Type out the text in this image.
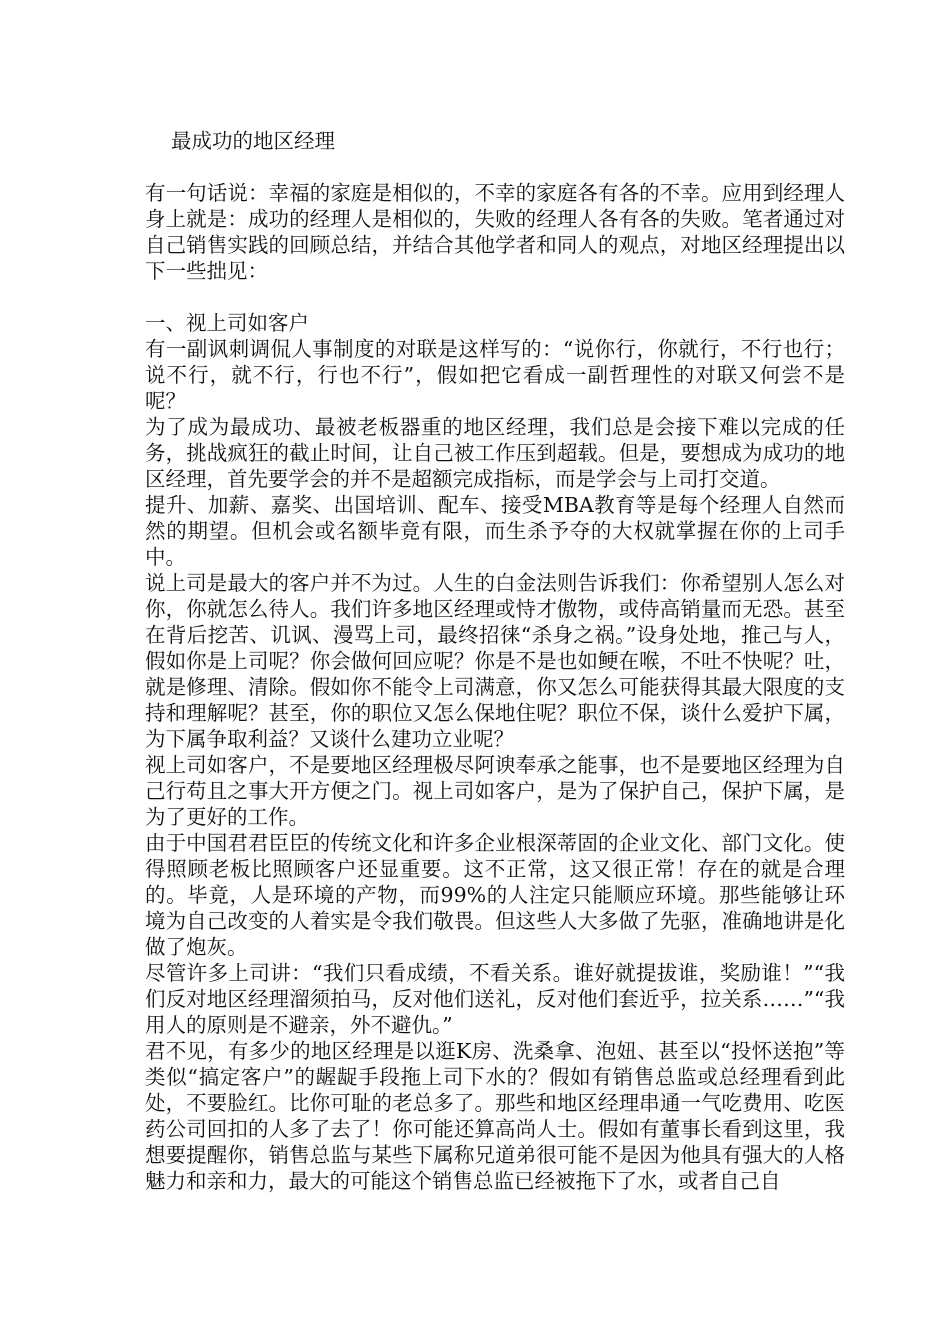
最成功的地区经理

有一句话说：幸福的家庭是相似的，不幸的家庭各有各的不幸。应用到经理人身上就是：成功的经理人是相似的，失败的经理人各有各的失败。笔者通过对自己销售实践的回顾总结，并结合其他学者和同人的观点，对地区经理提出以下一些拙见：

一、视上司如客户

有一副讽刺调侃人事制度的对联是这样写的：“说你行，你就行，不行也行；说不行，就不行，行也不行”，假如把它看成一副哲理性的对联又何尝不是呢？

为了成为最成功、最被老板器重的地区经理，我们总是会接下难以完成的任务，挑战疯狂的截止时间，让自己被工作压到超载。但是，要想成为成功的地区经理，首先要学会的并不是超额完成指标，而是学会与上司打交道。

提升、加薪、嘉奖、出国培训、配车、接受MBA教育等是每个经理人自然而然的期望。但机会或名额毕竟有限，而生杀予夺的大权就掌握在你的上司手中。

说上司是最大的客户并不为过。人生的白金法则告诉我们：你希望别人怎么对你，你就怎么待人。我们许多地区经理或恃才傲物，或侍高销量而无恐。甚至在背后挖苦、讥讽、漫骂上司，最终招徕“杀身之祸。”设身处地，推己与人，假如你是上司呢？你会做何回应呢？你是不是也如鲠在喉，不吐不快呢？吐，就是修理、清除。假如你不能令上司满意，你又怎么可能获得其最大限度的支持和理解呢？甚至，你的职位又怎么保地住呢？职位不保，谈什么爱护下属，为下属争取利益？又谈什么建功立业呢？

视上司如客户，不是要地区经理极尽阿谀奉承之能事，也不是要地区经理为自己行苟且之事大开方便之门。视上司如客户，是为了保护自己，保护下属，是为了更好的工作。

由于中国君君臣臣的传统文化和许多企业根深蒂固的企业文化、部门文化。使得照顾老板比照顾客户还显重要。这不正常，这又很正常！存在的就是合理的。毕竟，人是环境的产物，而99%的人注定只能顺应环境。那些能够让环境为自己改变的人着实是令我们敬畏。但这些人大多做了先驱，准确地讲是化做了炮灰。

尽管许多上司讲：“我们只看成绩，不看关系。谁好就提拔谁，奖励谁！”“我们反对地区经理溜须拍马，反对他们送礼，反对他们套近乎，拉关系……”“我用人的原则是不避亲，外不避仇。”

君不见，有多少的地区经理是以逛K房、洗桑拿、泡妞、甚至以“投怀送抱”等类似“搞定客户”的龌龊手段拖上司下水的？假如有销售总监或总经理看到此处，不要脸红。比你可耻的老总多了。那些和地区经理串通一气吃费用、吃医药公司回扣的人多了去了！你可能还算高尚人士。假如有董事长看到这里，我想要提醒你，销售总监与某些下属称兄道弟很可能不是因为他具有强大的人格魅力和亲和力，最大的可能这个销售总监已经被拖下了水，或者自己自
